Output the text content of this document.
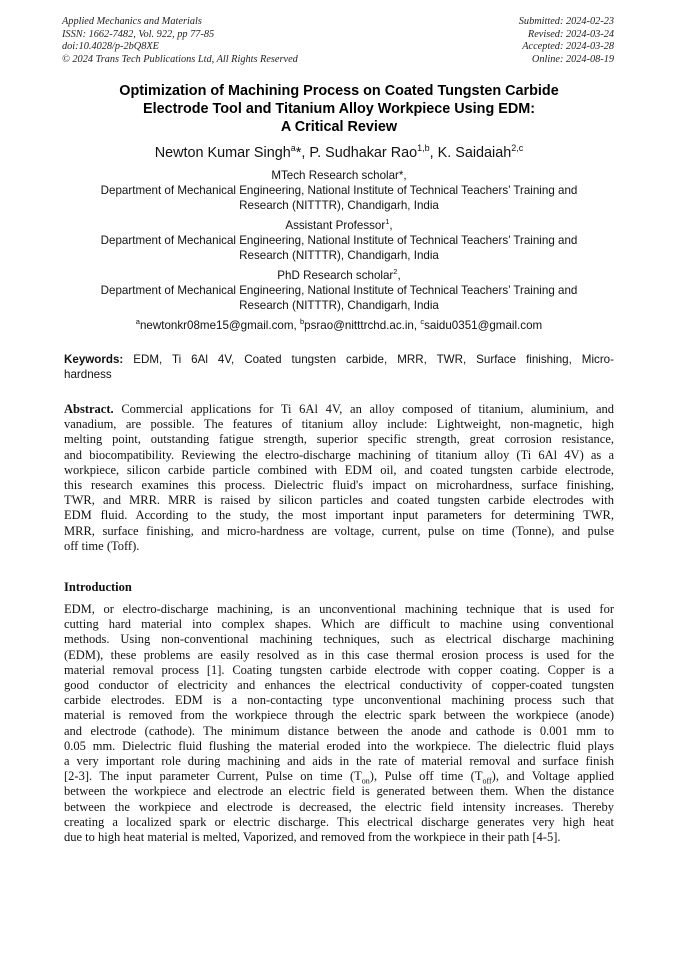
Applied Mechanics and Materials
ISSN: 1662-7482, Vol. 922, pp 77-85
doi:10.4028/p-2bQ8XE
© 2024 Trans Tech Publications Ltd, All Rights Reserved
Submitted: 2024-02-23
Revised: 2024-03-24
Accepted: 2024-03-28
Online: 2024-08-19
Optimization of Machining Process on Coated Tungsten Carbide
Electrode Tool and Titanium Alloy Workpiece Using EDM:
A Critical Review
Newton Kumar Singh$^a$*, P. Sudhakar Rao$^{1,b}$, K. Saidaiah$^{2,c}$
MTech Research scholar*,
Department of Mechanical Engineering, National Institute of Technical Teachers’ Training and
Research (NITTTR), Chandigarh, India
Assistant Professor$^1$,
Department of Mechanical Engineering, National Institute of Technical Teachers’ Training and
Research (NITTTR), Chandigarh, India
PhD Research scholar$^2$,
Department of Mechanical Engineering, National Institute of Technical Teachers’ Training and
Research (NITTTR), Chandigarh, India
$^a$newtonkr08me15@gmail.com, $^b$psrao@nitttrchd.ac.in, $^c$saidu0351@gmail.com
Keywords: EDM, Ti 6Al 4V, Coated tungsten carbide, MRR, TWR, Surface finishing, Micro-
hardness
Abstract. Commercial applications for Ti 6Al 4V, an alloy composed of titanium, aluminium, and
vanadium, are possible. The features of titanium alloy include: Lightweight, non-magnetic, high
melting point, outstanding fatigue strength, superior specific strength, great corrosion resistance,
and biocompatibility. Reviewing the electro-discharge machining of titanium alloy (Ti 6Al 4V) as a
workpiece, silicon carbide particle combined with EDM oil, and coated tungsten carbide electrode,
this research examines this process. Dielectric fluid's impact on microhardness, surface finishing,
TWR, and MRR. MRR is raised by silicon particles and coated tungsten carbide electrodes with
EDM fluid. According to the study, the most important input parameters for determining TWR,
MRR, surface finishing, and micro-hardness are voltage, current, pulse on time (Tonne), and pulse
off time (Toff).
Introduction
EDM, or electro-discharge machining, is an unconventional machining technique that is used for
cutting hard material into complex shapes. Which are difficult to machine using conventional
methods. Using non-conventional machining techniques, such as electrical discharge machining
(EDM), these problems are easily resolved as in this case thermal erosion process is used for the
material removal process [1]. Coating tungsten carbide electrode with copper coating. Copper is a
good conductor of electricity and enhances the electrical conductivity of copper-coated tungsten
carbide electrodes. EDM is a non-contacting type unconventional machining process such that
material is removed from the workpiece through the electric spark between the workpiece (anode)
and electrode (cathode). The minimum distance between the anode and cathode is 0.001 mm to
0.05 mm. Dielectric fluid flushing the material eroded into the workpiece. The dielectric fluid plays
a very important role during machining and aids in the rate of material removal and surface finish
[2-3]. The input parameter Current, Pulse on time $(T_{on})$, Pulse off time $(T_{off})$, and Voltage applied
between the workpiece and electrode an electric field is generated between them. When the distance
between the workpiece and electrode is decreased, the electric field intensity increases. Thereby
creating a localized spark or electric discharge. This electrical discharge generates very high heat
due to high heat material is melted, Vaporized, and removed from the workpiece in their path [4-5].
